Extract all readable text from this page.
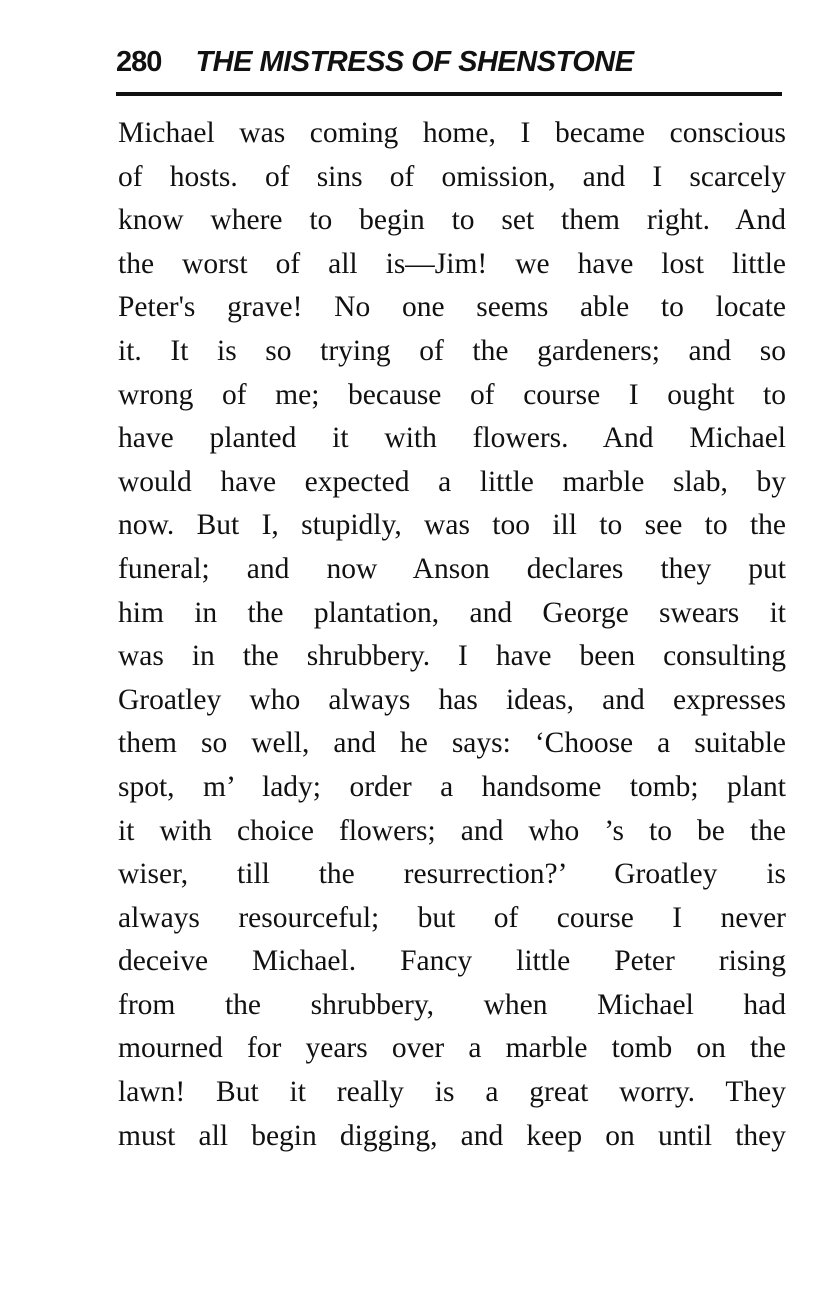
280 THE MISTRESS OF SHENSTONE
Michael was coming home, I became conscious
of hosts. of sins of omission, and I scarcely
know where to begin to set them right. And
the worst of all is—Jim! we have lost little
Peter's grave! No one seems able to locate
it. It is so trying of the gardeners; and so
wrong of me; because of course I ought to
have planted it with flowers. And Michael
would have expected a little marble slab, by
now. But I, stupidly, was too ill to see to the
funeral; and now Anson declares they put
him in the plantation, and George swears it
was in the shrubbery. I have been consulting
Groatley who always has ideas, and expresses
them so well, and he says: ‘Choose a suitable
spot, m’ lady; order a handsome tomb; plant
it with choice flowers; and who ’s to be the
wiser, till the resurrection?’ Groatley is
always resourceful; but of course I never
deceive Michael. Fancy little Peter rising
from the shrubbery, when Michael had
mourned for years over a marble tomb on the
lawn! But it really is a great worry. They
must all begin digging, and keep on until they
